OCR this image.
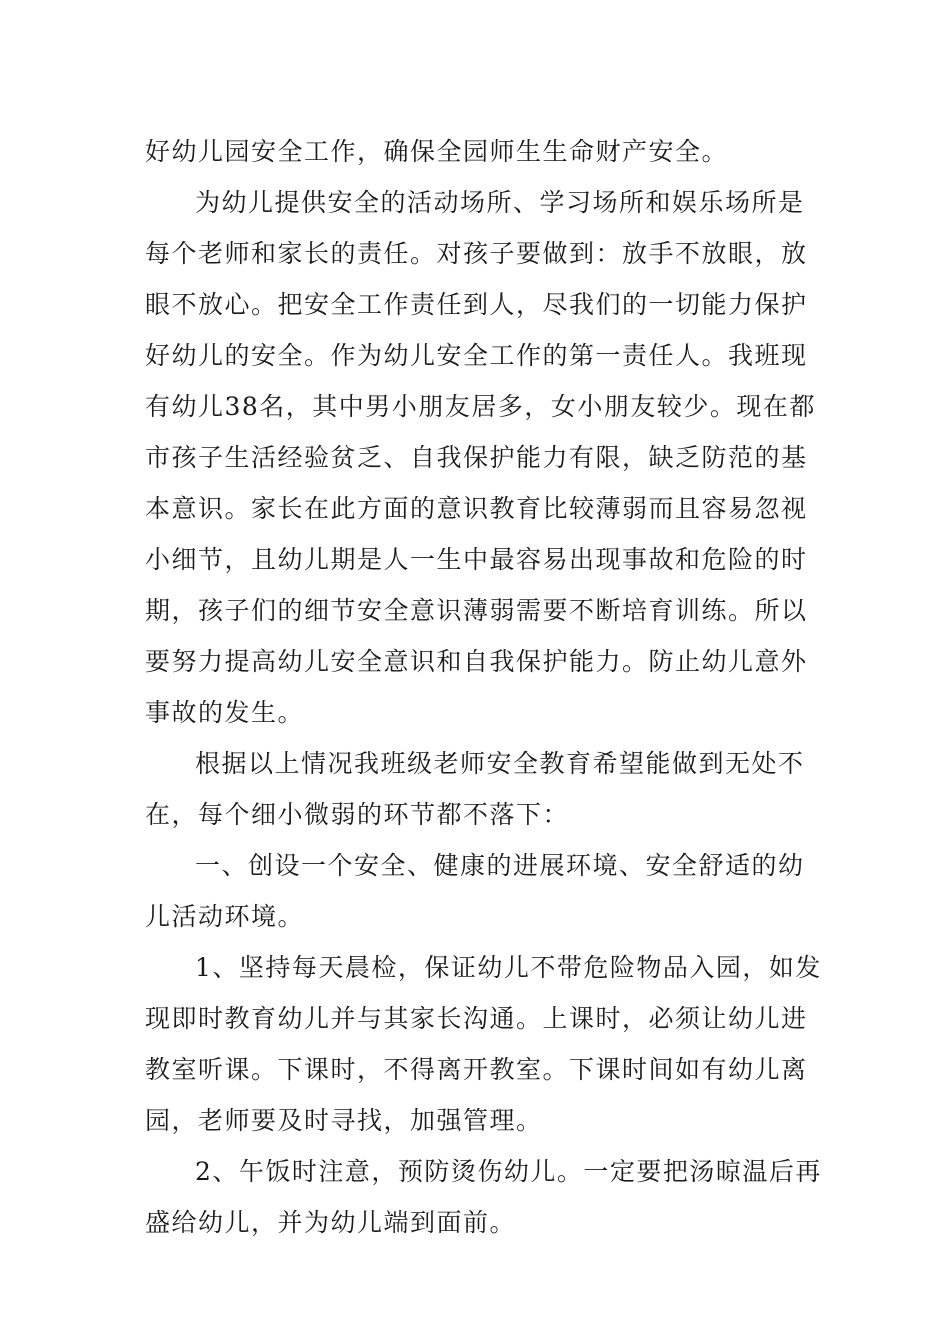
好幼儿园安全工作，确保全园师生生命财产安全。

为幼儿提供安全的活动场所、学习场所和娱乐场所是
每个老师和家长的责任。对孩子要做到：放手不放眼，放
眼不放心。把安全工作责任到人，尽我们的一切能力保护
好幼儿的安全。作为幼儿安全工作的第一责任人。我班现
有幼儿38名，其中男小朋友居多，女小朋友较少。现在都
市孩子生活经验贫乏、自我保护能力有限，缺乏防范的基
本意识。家长在此方面的意识教育比较薄弱而且容易忽视
小细节，且幼儿期是人一生中最容易出现事故和危险的时
期，孩子们的细节安全意识薄弱需要不断培育训练。所以
要努力提高幼儿安全意识和自我保护能力。防止幼儿意外
事故的发生。

根据以上情况我班级老师安全教育希望能做到无处不
在，每个细小微弱的环节都不落下：

一、创设一个安全、健康的进展环境、安全舒适的幼
儿活动环境。

1、坚持每天晨检，保证幼儿不带危险物品入园，如发
现即时教育幼儿并与其家长沟通。上课时，必须让幼儿进
教室听课。下课时，不得离开教室。下课时间如有幼儿离
园，老师要及时寻找，加强管理。

2、午饭时注意，预防烫伤幼儿。一定要把汤晾温后再
盛给幼儿，并为幼儿端到面前。
